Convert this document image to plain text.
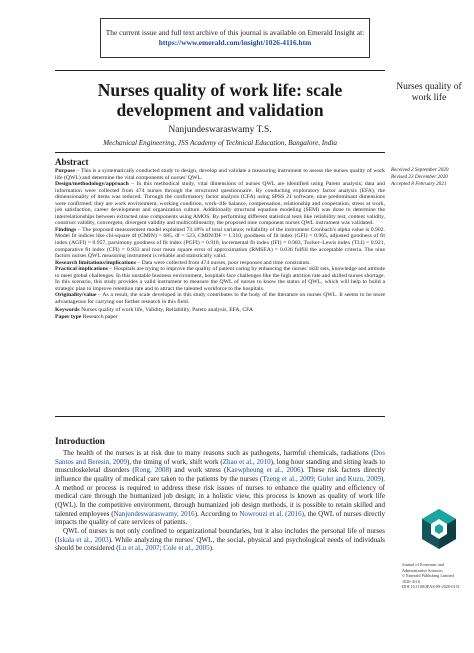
The current issue and full text archive of this journal is available on Emerald Insight at:
https://www.emerald.com/insight/1026-4116.htm
Nurses quality of work life: scale development and validation

Nurses quality of work life

Nanjundeswaraswamy T.S.

Mechanical Engineering, JSS Academy of Technical Education, Bangalore, India

Abstract
Received 2 September 2020
Revised 23 December 2020
Accepted 8 February 2021

Purpose – This is a systematically conducted study to design, develop and validate a measuring instrument to assess the nurses quality of work life (QWL) and determine the vital components of nurses' QWL.

Design/methodology/approach – In this methodical study, vital dimensions of nurses QWL are identified using Pareto analysis; data and information were collected from 474 nurses through the structured questionnaire. By conducting exploratory factor analysis (EFA), the dimensionality of items was reduced. Through the confirmatory factor analysis (CFA) using SPSS 21 software, nine predominant dimensions were confirmed; they are work environment, working condition, work–life balance, compensation, relationship and cooperation, stress at work, job satisfaction, career development and organization culture. Additionally structural equation modeling (SEM) was done to determine the interrelationships between extracted nine components using AMOS. By performing different statistical tests like reliability test, content validity, construct validity, convergent, divergent validity and multicollinearity, the proposed nine component nurses QWL instrument was validated.

Findings – The proposed measurement model explained 73.18% of total variance; reliability of the instrument Cronbach's alpha value is 0.902. Model fit indices like chi-square df (CMIN) = 685, df = 523, CMIN/DF = 1.310, goodness of fit index (GFI) = 0.965, adjusted goodness of fit index (AGFI) = 0.957, parsimony goodness of fit index (PGFI) = 0.918, incremental fit index (IFI) = 0.983, Tucker–Lewis index (TLI) = 0.921, comparative fit index (CFI) = 0.933 and root mean square error of approximation (RMSEA) = 0.036 fulfill the acceptable criteria. The nine factors nurses QWL measuring instrument is reliable and statistically valid.

Research limitations/implications – Data were collected from 474 nurses, poor responses and time constraints.

Practical implications – Hospitals are trying to improve the quality of patient caring by enhancing the nurses' skill sets, knowledge and attitude to meet global challenges. In this unstable business environment, hospitals face challenges like the high attrition rate and skilled nurses shortage. In this scenario, this study provides a valid instrument to measure the QWL of nurses to know the status of QWL, which will help to build a strategic plan to improve retention rate and to attract the talented workforce to the hospitals.

Originality/value – As a result, the scale developed in this study contributes to the body of the literature on nurses QWL. It seems to be more advantageous for carrying out further research in this field.

Keywords Nurses quality of work life, Validity, Reliability, Pareto analysis, EFA, CFA

Paper type Research paper

Introduction

The health of the nurses is at risk due to many reasons such as pathogens, harmful chemicals, radiations (Dos Santos and Beresin, 2009), the timing of work, shift work (Zhao et al., 2010), long hour standing and sitting leads to musculoskeletal disorders (Rong, 2008) and work stress (Kaewpheung et al., 2006). These risk factors directly influence the quality of medical care taken to the patients by the nurses (Tzeng et al., 2009; Guler and Kuzu, 2009). A method or process is required to address these risk issues of nurses to enhance the quality and efficiency of medical care through the humanized job design; in a holistic view, this process is known as quality of work life (QWL). In the competitive environment, through humanized job design methods, it is possible to retain skilled and talented employees (Nanjundeswaraswamy, 2016). According to Nowrouzi et al. (2016), the QWL of nurses directly impacts the quality of care services of patients.

QWL of nurses is not only confined to organizational boundaries, but it also includes the personal life of nurses (Iskala et al., 2003). While analyzing the nurses' QWL, the social, physical and psychological needs of individuals should be considered (Lu et al., 2007; Cole et al., 2005).

Journal of Economic and
Administrative Sciences
© Emerald Publishing Limited
1026-4116
DOI 10.1108/JEAS-09-2020-0151
